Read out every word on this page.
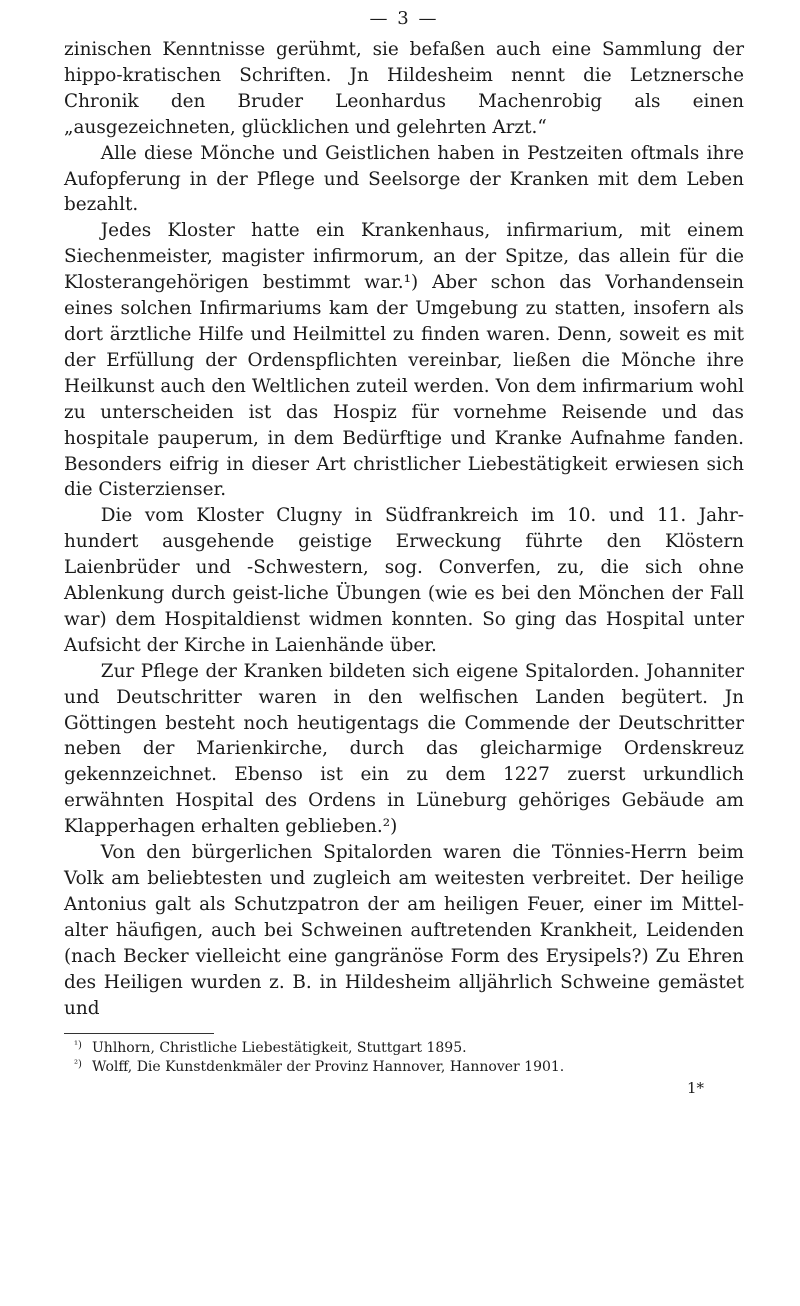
— 3 —

zinischen Kenntnisse gerühmt, sie befaßen auch eine Sammlung der hippo-kratischen Schriften. Jn Hildesheim nennt die Letznersche Chronik den Bruder Leonhardus Machenrobig als einen „ausgezeichneten, glücklichen und gelehrten Arzt.“

Alle diese Mönche und Geistlichen haben in Pestzeiten oftmals ihre Aufopferung in der Pflege und Seelsorge der Kranken mit dem Leben bezahlt.

Jedes Kloster hatte ein Krankenhaus, infirmarium, mit einem Siechenmeister, magister infirmorum, an der Spitze, das allein für die Klosterangehörigen bestimmt war.¹) Aber schon das Vorhandensein eines solchen Infirmariums kam der Umgebung zu statten, insofern als dort ärztliche Hilfe und Heilmittel zu finden waren. Denn, soweit es mit der Erfüllung der Ordenspflichten vereinbar, ließen die Mönche ihre Heilkunst auch den Weltlichen zuteil werden. Von dem infirmarium wohl zu unterscheiden ist das Hospiz für vornehme Reisende und das hospitale pauperum, in dem Bedürftige und Kranke Aufnahme fanden. Besonders eifrig in dieser Art christlicher Liebestätigkeit erwiesen sich die Cisterzienser.

Die vom Kloster Clugny in Südfrankreich im 10. und 11. Jahr-hundert ausgehende geistige Erweckung führte den Klöstern Laienbrüder und -Schwestern, sog. Converfen, zu, die sich ohne Ablenkung durch geist-liche Übungen (wie es bei den Mönchen der Fall war) dem Hospitaldienst widmen konnten. So ging das Hospital unter Aufsicht der Kirche in Laienhände über.

Zur Pflege der Kranken bildeten sich eigene Spitalorden. Johanniter und Deutschritter waren in den welfischen Landen begütert. Jn Göttingen besteht noch heutigentags die Commende der Deutschritter neben der Marienkirche, durch das gleicharmige Ordenskreuz gekennzeichnet. Ebenso ist ein zu dem 1227 zuerst urkundlich erwähnten Hospital des Ordens in Lüneburg gehöriges Gebäude am Klapperhagen erhalten geblieben.²)

Von den bürgerlichen Spitalorden waren die Tönnies-Herrn beim Volk am beliebtesten und zugleich am weitesten verbreitet. Der heilige Antonius galt als Schutzpatron der am heiligen Feuer, einer im Mittel-alter häufigen, auch bei Schweinen auftretenden Krankheit, Leidenden (nach Becker vielleicht eine gangränöse Form des Erysipels?) Zu Ehren des Heiligen wurden z. B. in Hildesheim alljährlich Schweine gemästet und

¹) Uhlhorn, Christliche Liebestätigkeit, Stuttgart 1895.

²) Wolff, Die Kunstdenkmäler der Provinz Hannover, Hannover 1901.

1*
